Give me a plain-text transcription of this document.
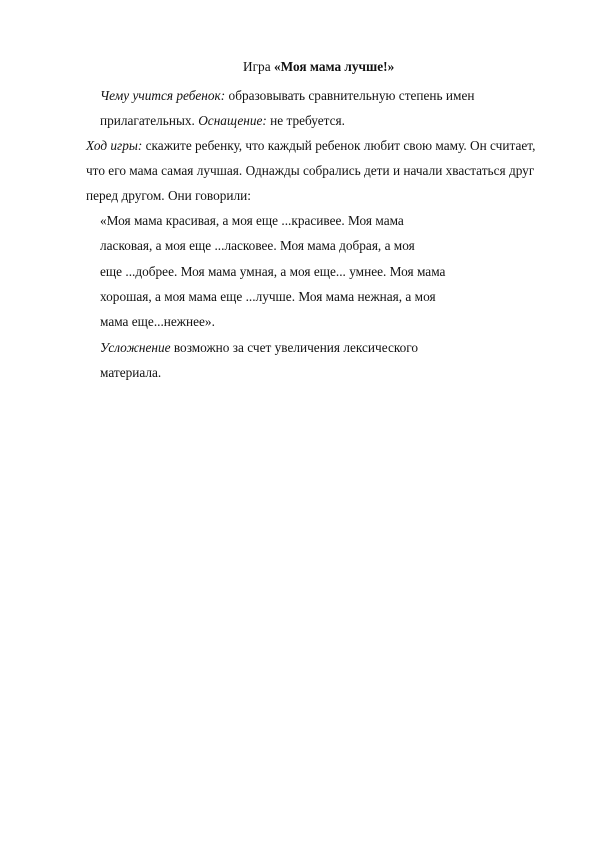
Игра «Моя мама лучше!»
Чему учится ребенок: образовывать сравнительную степень имен
прилагательных. Оснащение: не требуется.
Ход игры: скажите ребенку, что каждый ребенок любит свою маму. Он считает,
что его мама самая лучшая. Однажды собрались дети и начали хвастаться друг
перед другом. Они говорили:
«Моя мама красивая, а моя еще ...красивее. Моя мама
ласковая, а моя еще ...ласковее. Моя мама добрая, а моя
еще ...добрее. Моя мама умная, а моя еще... умнее. Моя мама
хорошая, а моя мама еще ...лучше. Моя мама нежная, а моя
мама еще...нежнее».
Усложнение возможно за счет увеличения лексического
материала.
